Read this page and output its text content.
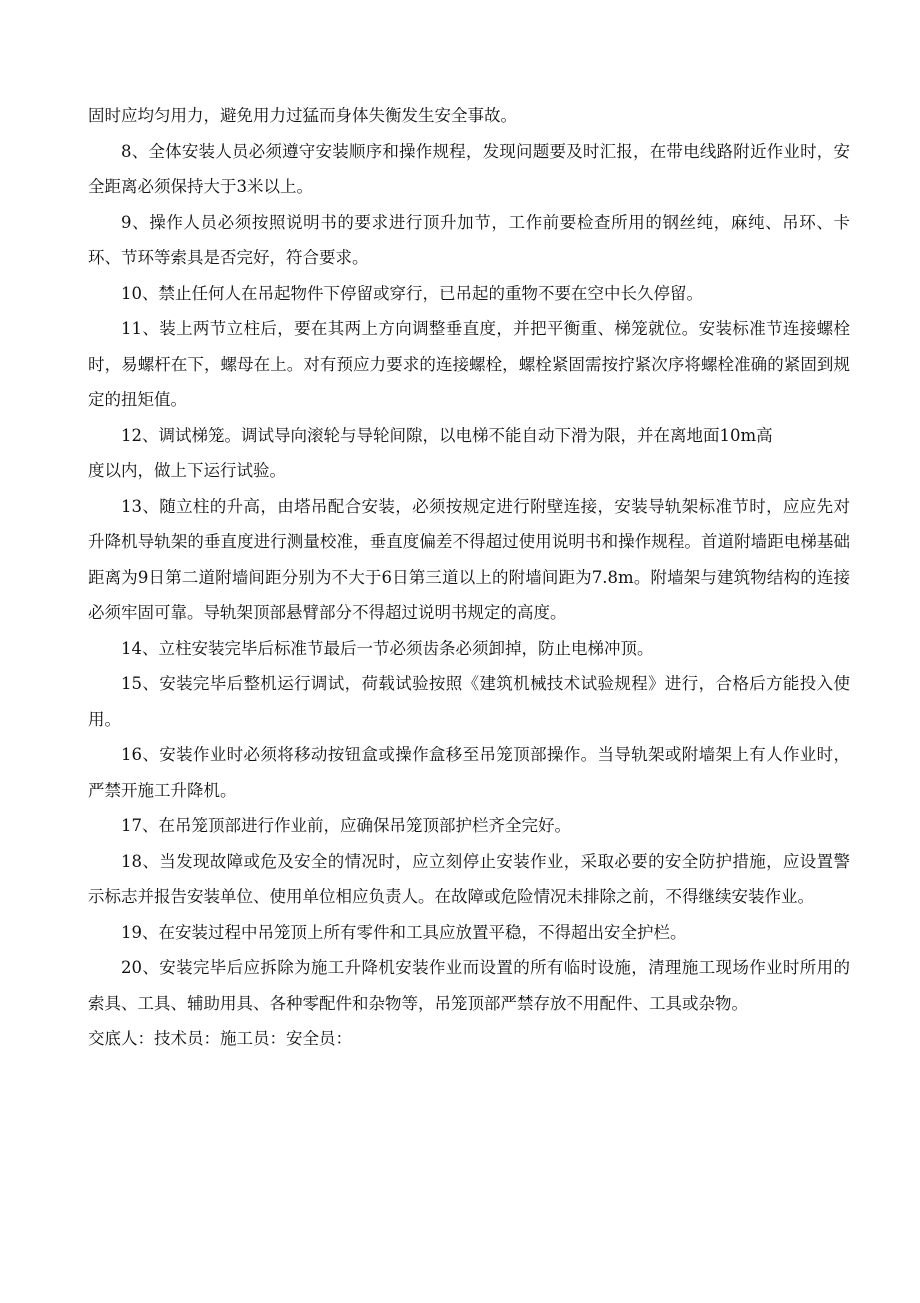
固时应均匀用力，避免用力过猛而身体失衡发生安全事故。

8、全体安装人员必须遵守安装顺序和操作规程，发现问题要及时汇报，在带电线路附近作业时，安全距离必须保持大于3米以上。

9、操作人员必须按照说明书的要求进行顶升加节，工作前要检查所用的钢丝纯，麻纯、吊环、卡环、节环等索具是否完好，符合要求。

10、禁止任何人在吊起物件下停留或穿行，已吊起的重物不要在空中长久停留。

11、装上两节立柱后，要在其两上方向调整垂直度，并把平衡重、梯笼就位。安装标准节连接螺栓时，易螺杆在下，螺母在上。对有预应力要求的连接螺栓，螺栓紧固需按拧紧次序将螺栓准确的紧固到规定的扭矩值。

12、调试梯笼。调试导向滚轮与导轮间隙，以电梯不能自动下滑为限，并在离地面10m高

度以内，做上下运行试验。

13、随立柱的升高，由塔吊配合安装，必须按规定进行附壁连接，安装导轨架标准节时，应应先对升降机导轨架的垂直度进行测量校准，垂直度偏差不得超过使用说明书和操作规程。首道附墙距电梯基础距离为9日第二道附墙间距分别为不大于6日第三道以上的附墙间距为7.8m。附墙架与建筑物结构的连接必须牢固可靠。导轨架顶部悬臂部分不得超过说明书规定的高度。

14、立柱安装完毕后标准节最后一节必须齿条必须卸掉，防止电梯冲顶。

15、安装完毕后整机运行调试，荷载试验按照《建筑机械技术试验规程》进行，合格后方能投入使用。

16、安装作业时必须将移动按钮盒或操作盒移至吊笼顶部操作。当导轨架或附墙架上有人作业时，严禁开施工升降机。

17、在吊笼顶部进行作业前，应确保吊笼顶部护栏齐全完好。

18、当发现故障或危及安全的情况时，应立刻停止安装作业，采取必要的安全防护措施，应设置警示标志并报告安装单位、使用单位相应负责人。在故障或危险情况未排除之前，不得继续安装作业。

19、在安装过程中吊笼顶上所有零件和工具应放置平稳，不得超出安全护栏。

20、安装完毕后应拆除为施工升降机安装作业而设置的所有临时设施，清理施工现场作业时所用的索具、工具、辅助用具、各种零配件和杂物等，吊笼顶部严禁存放不用配件、工具或杂物。

交底人：技术员：施工员：安全员：
